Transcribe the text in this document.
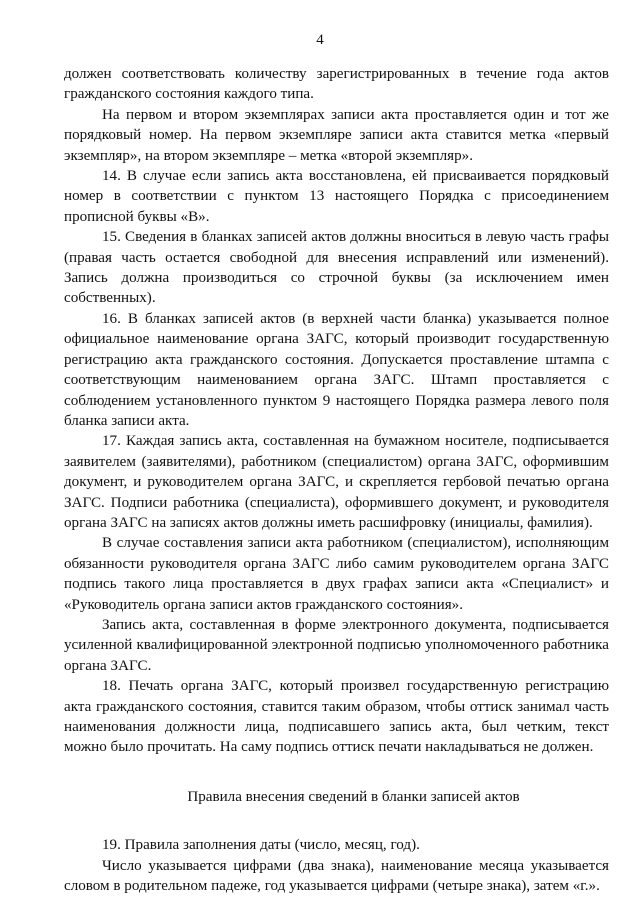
4

должен соответствовать количеству зарегистрированных в течение года актов гражданского состояния каждого типа.

На первом и втором экземплярах записи акта проставляется один и тот же порядковый номер. На первом экземпляре записи акта ставится метка «первый экземпляр», на втором экземпляре – метка «второй экземпляр».

14. В случае если запись акта восстановлена, ей присваивается порядковый номер в соответствии с пунктом 13 настоящего Порядка с присоединением прописной буквы «В».

15. Сведения в бланках записей актов должны вноситься в левую часть графы (правая часть остается свободной для внесения исправлений или изменений). Запись должна производиться со строчной буквы (за исключением имен собственных).

16. В бланках записей актов (в верхней части бланка) указывается полное официальное наименование органа ЗАГС, который производит государственную регистрацию акта гражданского состояния. Допускается проставление штампа с соответствующим наименованием органа ЗАГС. Штамп проставляется с соблюдением установленного пунктом 9 настоящего Порядка размера левого поля бланка записи акта.

17. Каждая запись акта, составленная на бумажном носителе, подписывается заявителем (заявителями), работником (специалистом) органа ЗАГС, оформившим документ, и руководителем органа ЗАГС, и скрепляется гербовой печатью органа ЗАГС. Подписи работника (специалиста), оформившего документ, и руководителя органа ЗАГС на записях актов должны иметь расшифровку (инициалы, фамилия).

В случае составления записи акта работником (специалистом), исполняющим обязанности руководителя органа ЗАГС либо самим руководителем органа ЗАГС подпись такого лица проставляется в двух графах записи акта «Специалист» и «Руководитель органа записи актов гражданского состояния».

Запись акта, составленная в форме электронного документа, подписывается усиленной квалифицированной электронной подписью уполномоченного работника органа ЗАГС.

18. Печать органа ЗАГС, который произвел государственную регистрацию акта гражданского состояния, ставится таким образом, чтобы оттиск занимал часть наименования должности лица, подписавшего запись акта, был четким, текст можно было прочитать. На саму подпись оттиск печати накладываться не должен.

Правила внесения сведений в бланки записей актов

19. Правила заполнения даты (число, месяц, год).

Число указывается цифрами (два знака), наименование месяца указывается словом в родительном падеже, год указывается цифрами (четыре знака), затем «г.».
